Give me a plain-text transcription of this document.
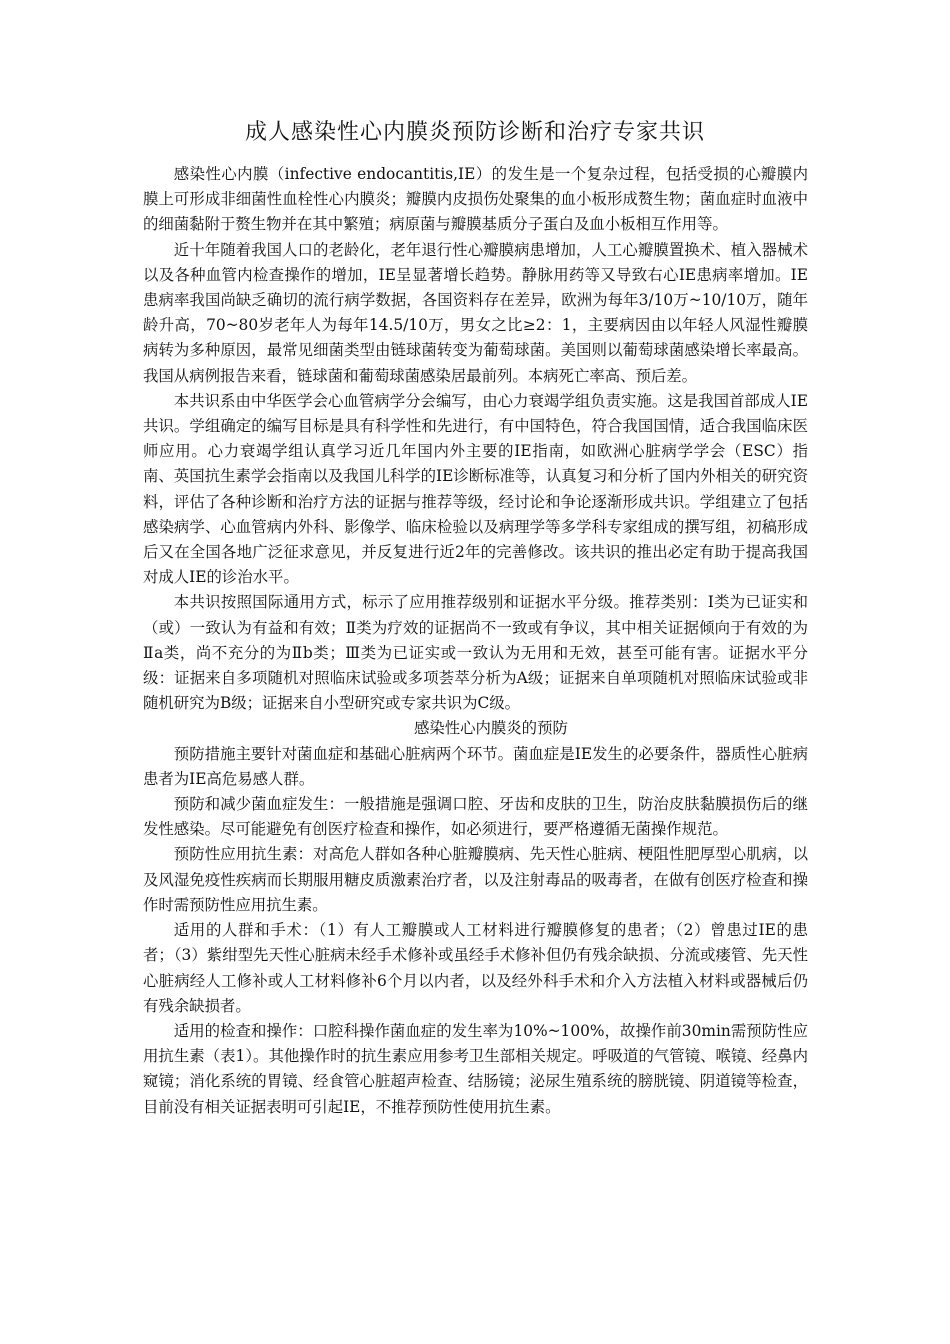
成人感染性心内膜炎预防诊断和治疗专家共识

感染性心内膜（infective endocantitis,IE）的发生是一个复杂过程，包括受损的心瓣膜内膜上可形成非细菌性血栓性心内膜炎；瓣膜内皮损伤处聚集的血小板形成赘生物；菌血症时血液中的细菌黏附于赘生物并在其中繁殖；病原菌与瓣膜基质分子蛋白及血小板相互作用等。

近十年随着我国人口的老龄化，老年退行性心瓣膜病患增加，人工心瓣膜置换术、植入器械术以及各种血管内检查操作的增加，IE呈显著增长趋势。静脉用药等又导致右心IE患病率增加。IE患病率我国尚缺乏确切的流行病学数据，各国资料存在差异，欧洲为每年3/10万~10/10万，随年龄升高，70~80岁老年人为每年14.5/10万，男女之比≥2：1，主要病因由以年轻人风湿性瓣膜病转为多种原因，最常见细菌类型由链球菌转变为葡萄球菌。美国则以葡萄球菌感染增长率最高。我国从病例报告来看，链球菌和葡萄球菌感染居最前列。本病死亡率高、预后差。

本共识系由中华医学会心血管病学分会编写，由心力衰竭学组负责实施。这是我国首部成人IE共识。学组确定的编写目标是具有科学性和先进行，有中国特色，符合我国国情，适合我国临床医师应用。心力衰竭学组认真学习近几年国内外主要的IE指南，如欧洲心脏病学学会（ESC）指南、英国抗生素学会指南以及我国儿科学的IE诊断标准等，认真复习和分析了国内外相关的研究资料，评估了各种诊断和治疗方法的证据与推荐等级，经讨论和争论逐渐形成共识。学组建立了包括感染病学、心血管病内外科、影像学、临床检验以及病理学等多学科专家组成的撰写组，初稿形成后又在全国各地广泛征求意见，并反复进行近2年的完善修改。该共识的推出必定有助于提高我国对成人IE的诊治水平。

本共识按照国际通用方式，标示了应用推荐级别和证据水平分级。推荐类别：Ⅰ类为已证实和（或）一致认为有益和有效；Ⅱ类为疗效的证据尚不一致或有争议，其中相关证据倾向于有效的为Ⅱa类，尚不充分的为Ⅱb类；Ⅲ类为已证实或一致认为无用和无效，甚至可能有害。证据水平分级：证据来自多项随机对照临床试验或多项荟萃分析为A级；证据来自单项随机对照临床试验或非随机研究为B级；证据来自小型研究或专家共识为C级。

感染性心内膜炎的预防

预防措施主要针对菌血症和基础心脏病两个环节。菌血症是IE发生的必要条件，器质性心脏病患者为IE高危易感人群。

预防和减少菌血症发生：一般措施是强调口腔、牙齿和皮肤的卫生，防治皮肤黏膜损伤后的继发性感染。尽可能避免有创医疗检查和操作，如必须进行，要严格遵循无菌操作规范。

预防性应用抗生素：对高危人群如各种心脏瓣膜病、先天性心脏病、梗阻性肥厚型心肌病，以及风湿免疫性疾病而长期服用糖皮质激素治疗者，以及注射毒品的吸毒者，在做有创医疗检查和操作时需预防性应用抗生素。

适用的人群和手术：（1）有人工瓣膜或人工材料进行瓣膜修复的患者；（2）曾患过IE的患者；（3）紫绀型先天性心脏病未经手术修补或虽经手术修补但仍有残余缺损、分流或瘘管、先天性心脏病经人工修补或人工材料修补6个月以内者，以及经外科手术和介入方法植入材料或器械后仍有残余缺损者。

适用的检查和操作：口腔科操作菌血症的发生率为10%~100%，故操作前30min需预防性应用抗生素（表1）。其他操作时的抗生素应用参考卫生部相关规定。呼吸道的气管镜、喉镜、经鼻内窥镜；消化系统的胃镜、经食管心脏超声检查、结肠镜；泌尿生殖系统的膀胱镜、阴道镜等检查，目前没有相关证据表明可引起IE，不推荐预防性使用抗生素。
